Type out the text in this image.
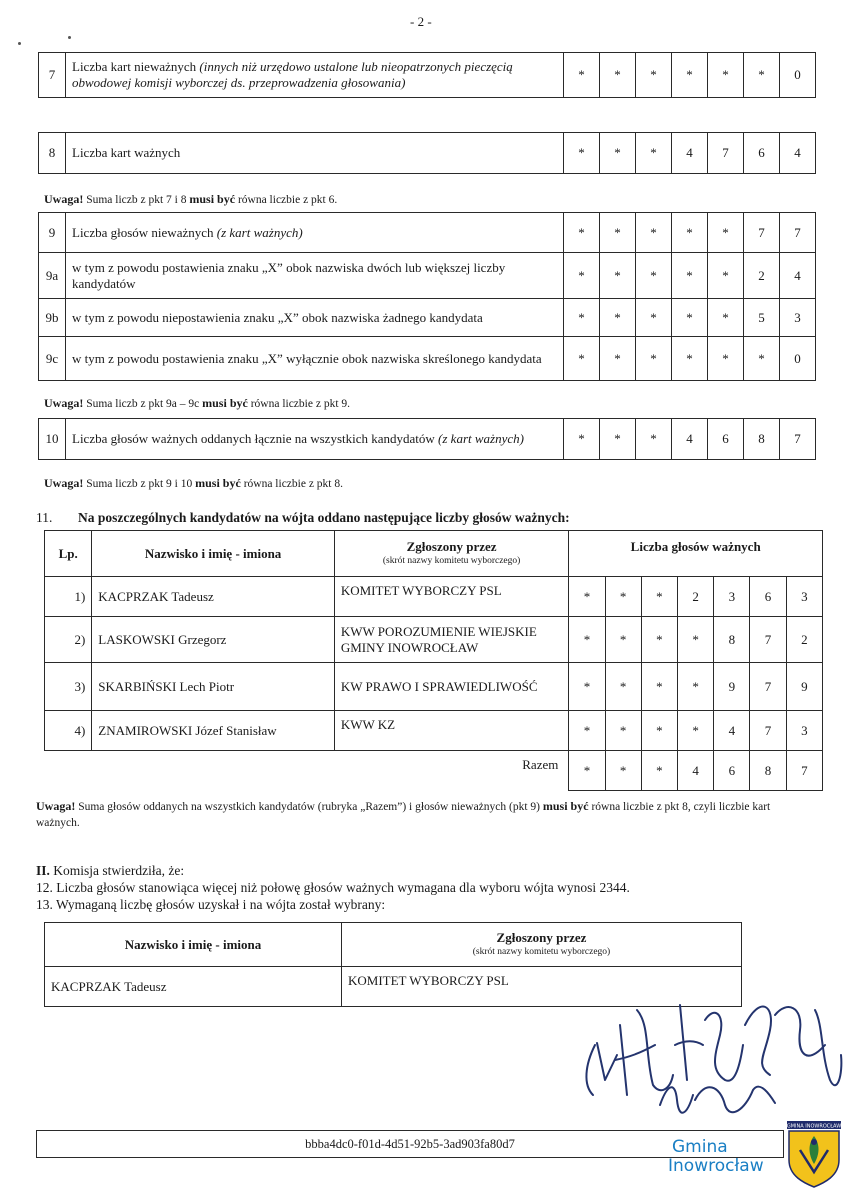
- 2 -
7	Liczba kart nieważnych (innych niż urzędowo ustalone lub nieopatrzonych pieczęcią obwodowej komisji wyborczej ds. przeprowadzenia głosowania)	*	*	*	*	*	*	0
8	Liczba kart ważnych	*	*	*	4	7	6	4
Uwaga! Suma liczb z pkt 7 i 8 musi być równa liczbie z pkt 6.
9	Liczba głosów nieważnych (z kart ważnych)	*	*	*	*	*	7	7
9a	w tym z powodu postawienia znaku „X” obok nazwiska dwóch lub większej liczby kandydatów	*	*	*	*	*	2	4
9b	w tym z powodu niepostawienia znaku „X” obok nazwiska żadnego kandydata	*	*	*	*	*	5	3
9c	w tym z powodu postawienia znaku „X” wyłącznie obok nazwiska skreślonego kandydata	*	*	*	*	*	*	0
Uwaga! Suma liczb z pkt 9a – 9c musi być równa liczbie z pkt 9.
10	Liczba głosów ważnych oddanych łącznie na wszystkich kandydatów (z kart ważnych)	*	*	*	4	6	8	7
Uwaga! Suma liczb z pkt 9 i 10 musi być równa liczbie z pkt 8.
11. Na poszczególnych kandydatów na wójta oddano następujące liczby głosów ważnych:
Lp.	Nazwisko i imię - imiona	Zgłoszony przez
(skrót nazwy komitetu wyborczego)	Liczba głosów ważnych						
1)	KACPRZAK Tadeusz	KOMITET WYBORCZY PSL	*	*	*	2	3	6	3
2)	LASKOWSKI Grzegorz	KWW POROZUMIENIE WIEJSKIE GMINY INOWROCŁAW	*	*	*	*	8	7	2
3)	SKARBIŃSKI Lech Piotr	KW PRAWO I SPRAWIEDLIWOŚĆ	*	*	*	*	9	7	9
4)	ZNAMIROWSKI Józef Stanisław	KWW KZ	*	*	*	*	4	7	3
Razem			*	*	*	4	6	8	7
Uwaga! Suma głosów oddanych na wszystkich kandydatów (rubryka „Razem”) i głosów nieważnych (pkt 9) musi być równa liczbie z pkt 8, czyli liczbie kart ważnych.
II. Komisja stwierdziła, że:
12. Liczba głosów stanowiąca więcej niż połowę głosów ważnych wymagana dla wyboru wójta wynosi 2344.
13. Wymaganą liczbę głosów uzyskał i na wójta został wybrany:
Nazwisko i imię - imiona	Zgłoszony przez
(skrót nazwy komitetu wyborczego)

KACPRZAK Tadeusz	KOMITET WYBORCZY PSL
bbba4dc0-f01d-4d51-92b5-3ad903fa80d7	Gmina
Inowrocław
GMINA INOWROCŁAW
